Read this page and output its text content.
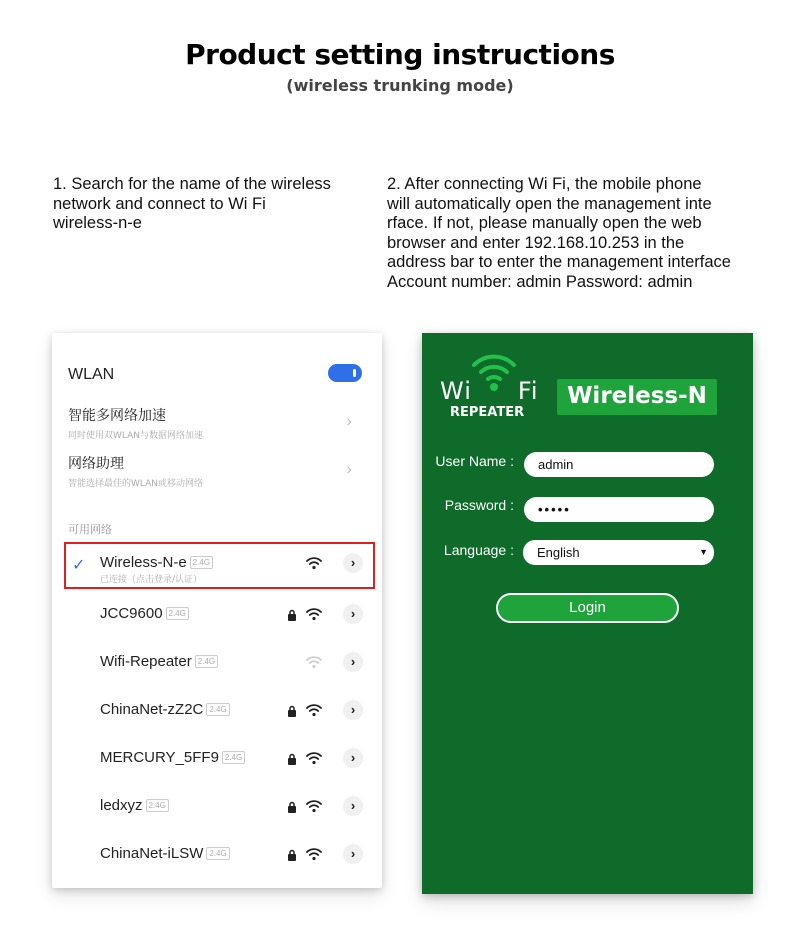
Product setting instructions
(wireless trunking mode)
1. Search for the name of the wireless
network and connect to Wi Fi
wireless-n-e
2. After connecting Wi Fi, the mobile phone
will automatically open the management inte
rface. If not, please manually open the web
browser and enter 192.168.10.253 in the
address bar to enter the management interface
Account number: admin Password: admin
WLAN
智能多网络加速
同时使用双WLAN与数据网络加速
›
网络助理
智能选择最佳的WLAN或移动网络
›
可用网络
✓ Wireless-N-e 2.4G
已连接（点击登录/认证）
›
JCC9600 2.4G	›
Wifi-Repeater 2.4G	›
ChinaNet-zZ2C 2.4G	›
MERCURY_5FF9 2.4G	›
ledxyz 2.4G	›
ChinaNet-iLSW 2.4G	›
Wi Fi
REPEATER
Wireless-N
User Name :	admin
Password :	•••••
Language :	English	▼
Login
